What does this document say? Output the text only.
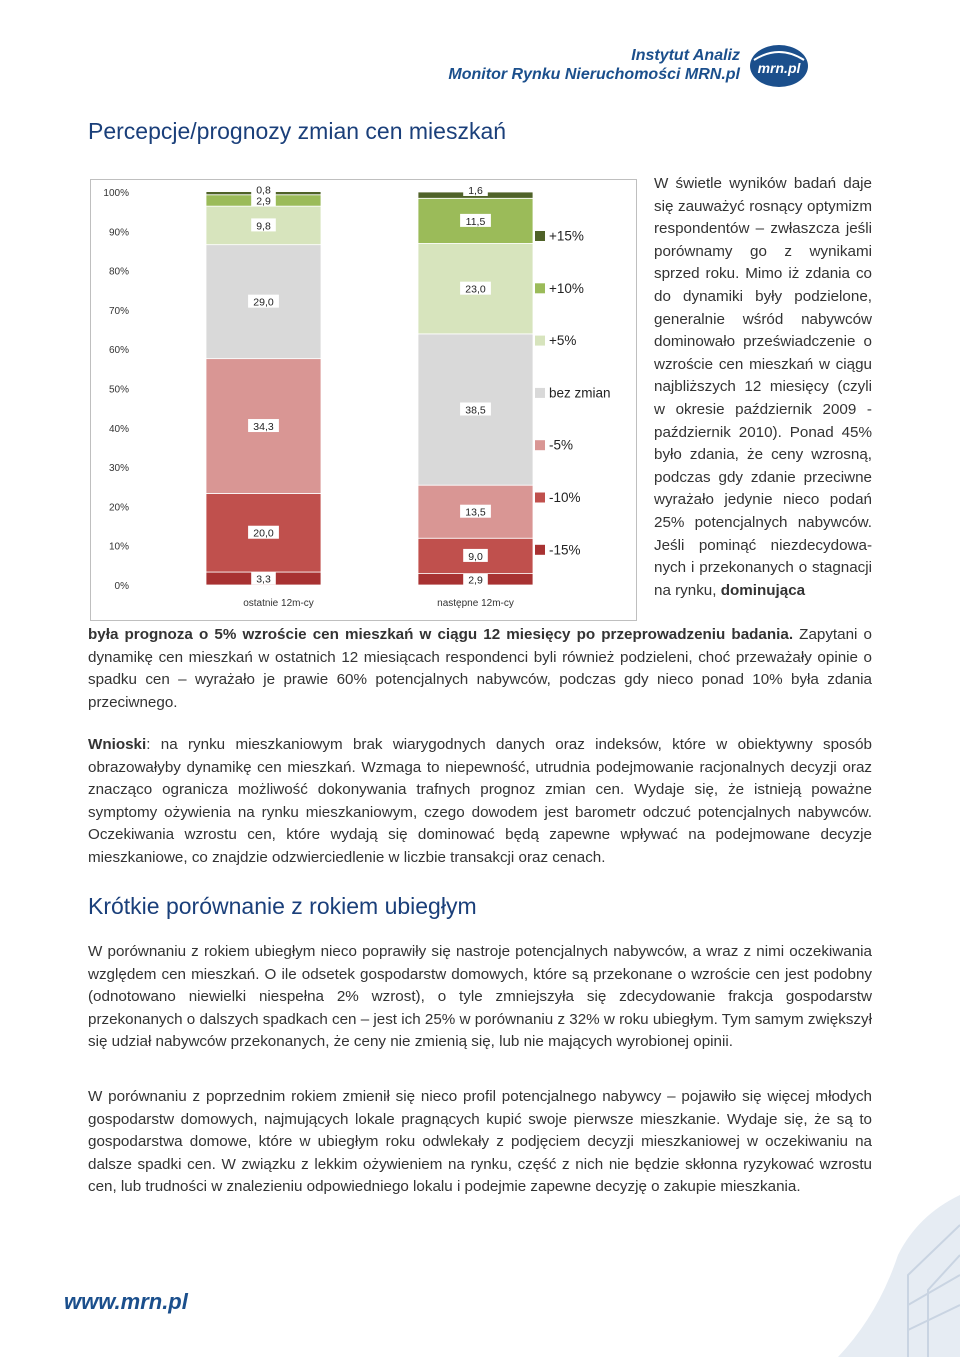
Instytut Analiz
Monitor Rynku Nieruchomości MRN.pl mrn.pl
Percepcje/prognozy zmian cen mieszkań
0%
10%
20%
30%
40%
50%
60%
70%
80%
90%
100%
3,3
20,0
34,3
29,0
9,8
2,9
0,8
ostatnie 12m-cy
2,9
9,0
13,5
38,5
23,0
11,5
1,6
następne 12m-cy
+15%
+10%
+5%
bez zmian
-5%
-10%
-15%

W świetle wyników badań daje się zauważyć rosnący optymizm respondentów – zwłaszcza jeśli porównamy go z wynikami sprzed roku. Mimo iż zdania co do dynamiki były podzielone, generalnie wśród nabywców dominowało przeświadczenie o wzroście cen mieszkań w ciągu najbliższych 12 miesięcy (czyli w okresie październik 2009 - październik 2010). Ponad 45% było zdania, że ceny wzrosną, podczas gdy zdanie przeciwne wyrażało jedynie nieco podań 25% potencjalnych nabywców. Jeśli pominąć niezdecydowanych i przekonanych o stagnacji na rynku, dominująca

była prognoza o 5% wzroście cen mieszkań w ciągu 12 miesięcy po przeprowadzeniu badania. Zapytani o dynamikę cen mieszkań w ostatnich 12 miesiącach respondenci byli również podzieleni, choć przeważały opinie o spadku cen – wyrażało je prawie 60% potencjalnych nabywców, podczas gdy nieco ponad 10% była zdania przeciwnego.

Wnioski: na rynku mieszkaniowym brak wiarygodnych danych oraz indeksów, które w obiektywny sposób obrazowałyby dynamikę cen mieszkań. Wzmaga to niepewność, utrudnia podejmowanie racjonalnych decyzji oraz znacząco ogranicza możliwość dokonywania trafnych prognoz zmian cen. Wydaje się, że istnieją poważne symptomy ożywienia na rynku mieszkaniowym, czego dowodem jest barometr odczuć potencjalnych nabywców. Oczekiwania wzrostu cen, które wydają się dominować będą zapewne wpływać na podejmowane decyzje mieszkaniowe, co znajdzie odzwierciedlenie w liczbie transakcji oraz cenach.

Krótkie porównanie z rokiem ubiegłym

W porównaniu z rokiem ubiegłym nieco poprawiły się nastroje potencjalnych nabywców, a wraz z nimi oczekiwania względem cen mieszkań. O ile odsetek gospodarstw domowych, które są przekonane o wzroście cen jest podobny (odnotowano niewielki niespełna 2% wzrost), o tyle zmniejszyła się zdecydowanie frakcja gospodarstw przekonanych o dalszych spadkach cen – jest ich 25% w porównaniu z 32% w roku ubiegłym. Tym samym zwiększył się udział nabywców przekonanych, że ceny nie zmienią się, lub nie mających wyrobionej opinii.

W porównaniu z poprzednim rokiem zmienił się nieco profil potencjalnego nabywcy – pojawiło się więcej młodych gospodarstw domowych, najmujących lokale pragnących kupić swoje pierwsze mieszkanie. Wydaje się, że są to gospodarstwa domowe, które w ubiegłym roku odwlekały z podjęciem decyzji mieszkaniowej w oczekiwaniu na dalsze spadki cen. W związku z lekkim ożywieniem na rynku, część z nich nie będzie skłonna ryzykować wzrostu cen, lub trudności w znalezieniu odpowiedniego lokalu i podejmie zapewne decyzję o zakupie mieszkania.

www.mrn.pl
